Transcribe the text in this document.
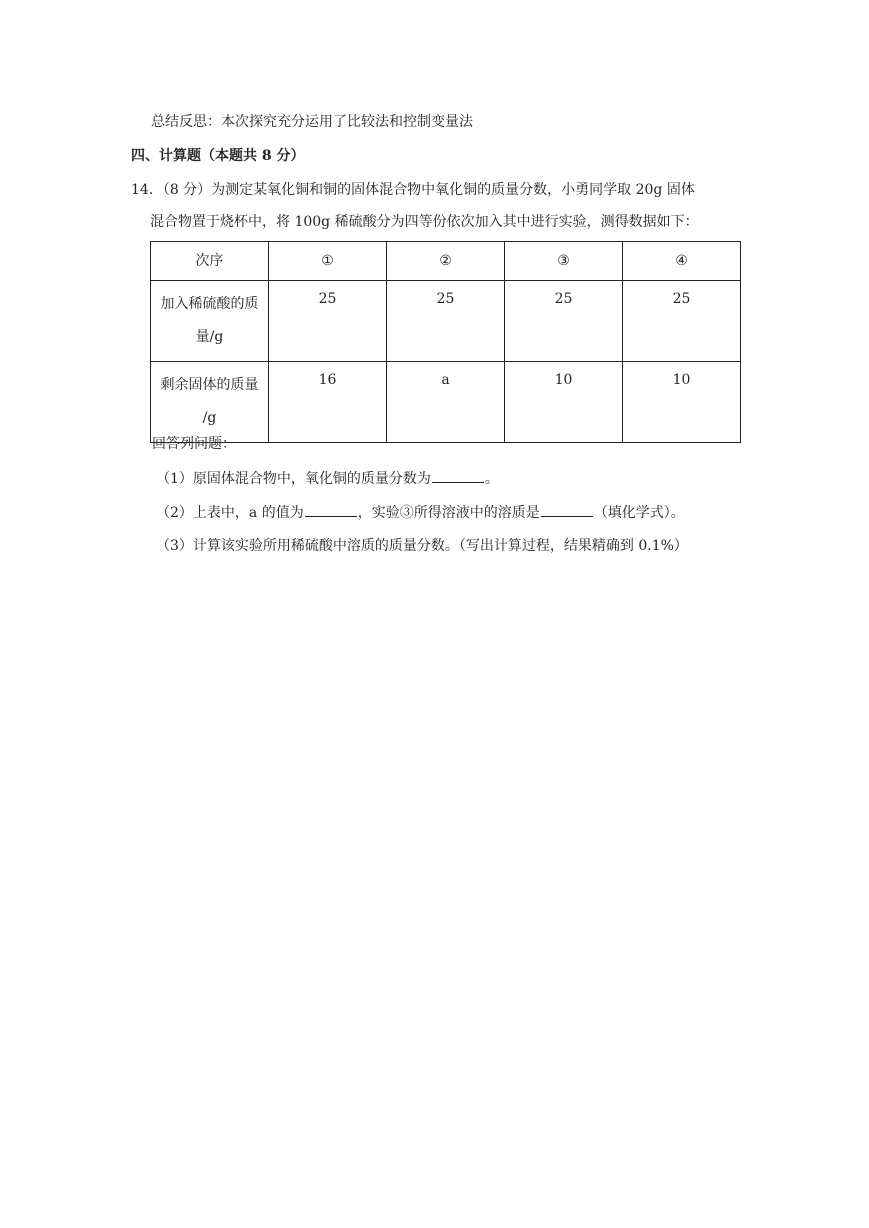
总结反思：本次探究充分运用了比较法和控制变量法
四、计算题（本题共 8 分）
14．（8 分）为测定某氧化铜和铜的固体混合物中氧化铜的质量分数，小勇同学取 20g 固体
混合物置于烧杯中，将 100g 稀硫酸分为四等份依次加入其中进行实验，测得数据如下：
次序	①	②	③	④
加入稀硫酸的质
量/g	25	25	25	25
剩余固体的质量
/g	16	a	10	10
回答列问题：
（1）原固体混合物中，氧化铜的质量分数为	。
（2）上表中，a 的值为	，实验③所得溶液中的溶质是	（填化学式）。
（3）计算该实验所用稀硫酸中溶质的质量分数。（写出计算过程，结果精确到 0.1%）
